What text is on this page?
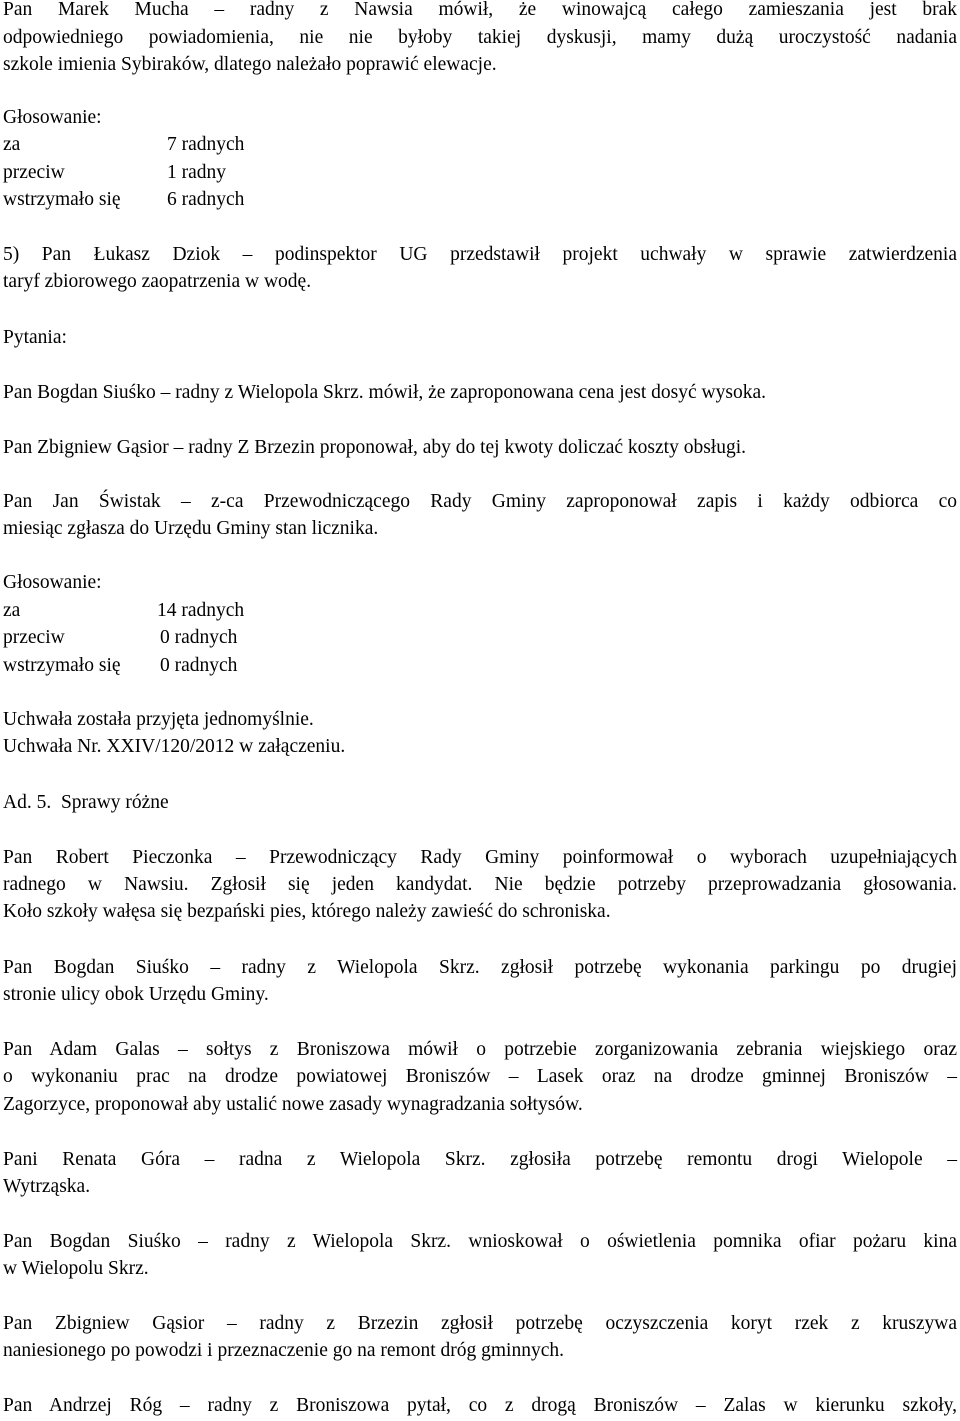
Pan Marek Mucha – radny z Nawsia mówił, że winowajcą całego zamieszania jest brak
odpowiedniego powiadomienia, nie nie byłoby takiej dyskusji, mamy dużą uroczystość nadania
szkole imienia Sybiraków, dlatego należało poprawić elewacje.
Głosowanie:
za	7 radnych
przeciw	1 radny
wstrzymało się 6 radnych
5) Pan Łukasz Dziok – podinspektor UG przedstawił projekt uchwały w sprawie zatwierdzenia
taryf zbiorowego zaopatrzenia w wodę.
Pytania:
Pan Bogdan Siuśko – radny z Wielopola Skrz. mówił, że zaproponowana cena jest dosyć wysoka.
Pan Zbigniew Gąsior – radny Z Brzezin proponował, aby do tej kwoty doliczać koszty obsługi.
Pan Jan Świstak – z-ca Przewodniczącego Rady Gminy zaproponował zapis i każdy odbiorca co
miesiąc zgłasza do Urzędu Gminy stan licznika.
Głosowanie:
za	14 radnych
przeciw	0 radnych
wstrzymało się 0 radnych
Uchwała została przyjęta jednomyślnie.
Uchwała Nr. XXIV/120/2012 w załączeniu.
Ad. 5.  Sprawy różne
Pan Robert Pieczonka – Przewodniczący Rady Gminy poinformował o wyborach uzupełniających
radnego w Nawsiu. Zgłosił się jeden kandydat. Nie będzie potrzeby przeprowadzania głosowania.
Koło szkoły wałęsa się bezpański pies, którego należy zawieść do schroniska.
Pan Bogdan Siuśko – radny z Wielopola Skrz. zgłosił potrzebę wykonania parkingu po drugiej
stronie ulicy obok Urzędu Gminy.
Pan Adam Galas – sołtys z Broniszowa mówił o potrzebie zorganizowania zebrania wiejskiego oraz
o wykonaniu prac na drodze powiatowej Broniszów – Lasek oraz na drodze gminnej Broniszów –
Zagorzyce, proponował aby ustalić nowe zasady wynagradzania sołtysów.
Pani Renata Góra – radna z Wielopola Skrz. zgłosiła potrzebę remontu drogi Wielopole –
Wytrząska.
Pan Bogdan Siuśko – radny z Wielopola Skrz. wnioskował o oświetlenia pomnika ofiar pożaru kina
w Wielopolu Skrz.
Pan Zbigniew Gąsior – radny z Brzezin zgłosił potrzebę oczyszczenia koryt rzek z kruszywa
naniesionego po powodzi i przeznaczenie go na remont dróg gminnych.
Pan Andrzej Róg – radny z Broniszowa pytał, co z drogą Broniszów – Zalas w kierunku szkoły,
